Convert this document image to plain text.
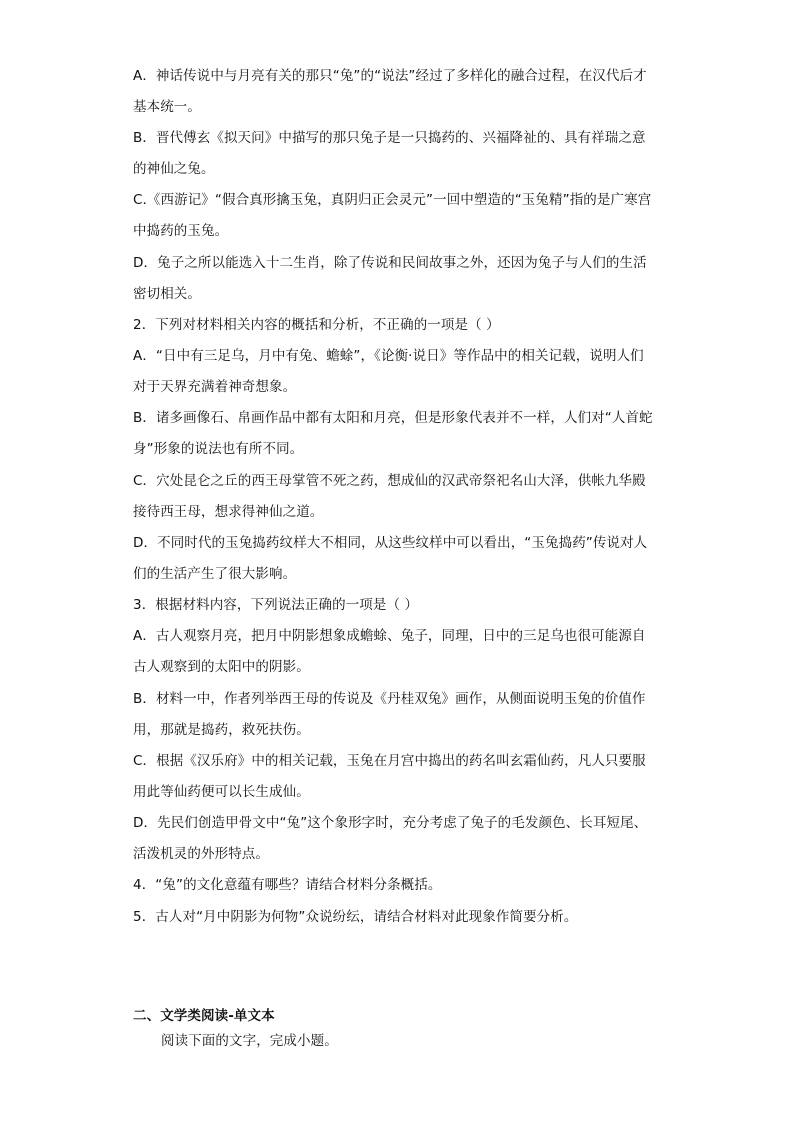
A．神话传说中与月亮有关的那只“兔”的“说法”经过了多样化的融合过程，在汉代后才
基本统一。
B．晋代傅玄《拟天问》中描写的那只兔子是一只捣药的、兴福降祉的、具有祥瑞之意
的神仙之兔。
C.《西游记》“假合真形擒玉兔，真阴归正会灵元”一回中塑造的“玉兔精”指的是广寒宫
中捣药的玉兔。
D．兔子之所以能选入十二生肖，除了传说和民间故事之外，还因为兔子与人们的生活
密切相关。
2．下列对材料相关内容的概括和分析，不正确的一项是（ ）
A．“日中有三足乌，月中有兔、蟾蜍”，《论衡·说日》等作品中的相关记载，说明人们
对于天界充满着神奇想象。
B．诸多画像石、帛画作品中都有太阳和月亮，但是形象代表并不一样，人们对“人首蛇
身”形象的说法也有所不同。
C．穴处昆仑之丘的西王母掌管不死之药，想成仙的汉武帝祭祀名山大泽，供帐九华殿
接待西王母，想求得神仙之道。
D．不同时代的玉兔捣药纹样大不相同，从这些纹样中可以看出，“玉兔捣药”传说对人
们的生活产生了很大影响。
3．根据材料内容，下列说法正确的一项是（ ）
A．古人观察月亮，把月中阴影想象成蟾蜍、兔子，同理，日中的三足乌也很可能源自
古人观察到的太阳中的阴影。
B．材料一中，作者列举西王母的传说及《丹桂双兔》画作，从侧面说明玉兔的价值作
用，那就是捣药，救死扶伤。
C．根据《汉乐府》中的相关记载，玉兔在月宫中捣出的药名叫玄霜仙药，凡人只要服
用此等仙药便可以长生成仙。
D．先民们创造甲骨文中“兔”这个象形字时，充分考虑了兔子的毛发颜色、长耳短尾、
活泼机灵的外形特点。
4．“兔”的文化意蕴有哪些？请结合材料分条概括。
5．古人对“月中阴影为何物”众说纷纭，请结合材料对此现象作简要分析。
二、文学类阅读-单文本
阅读下面的文字，完成小题。
